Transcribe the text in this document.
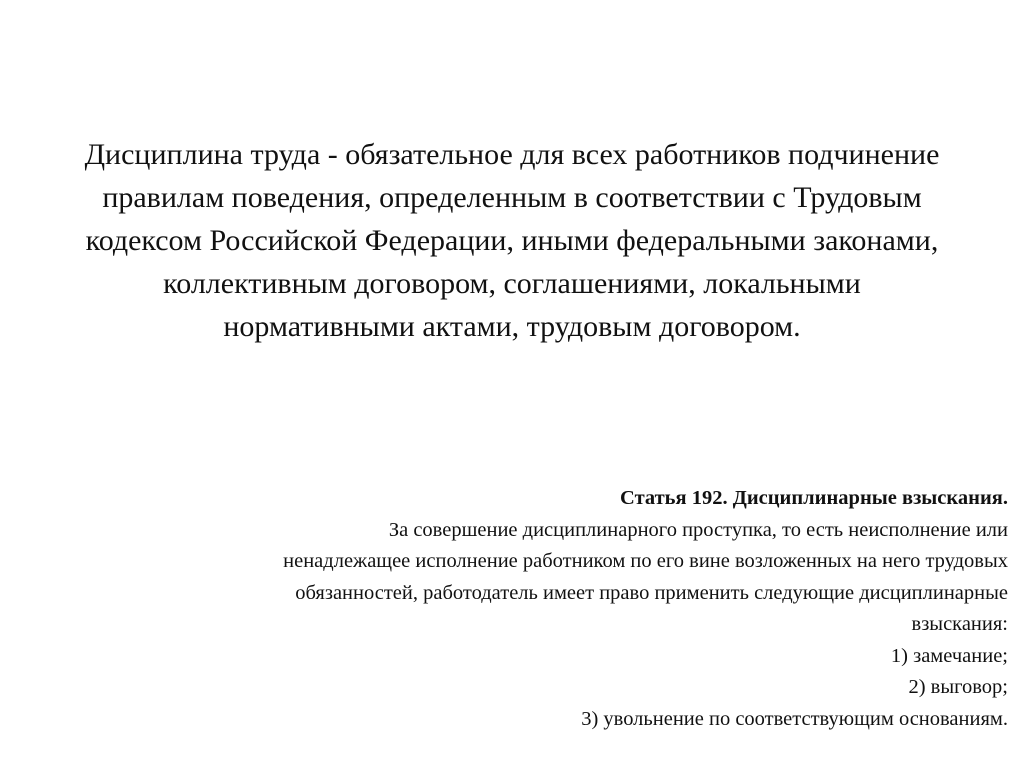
Дисциплина труда - обязательное для всех работников подчинение
правилам поведения, определенным в соответствии с Трудовым
кодексом Российской Федерации, иными федеральными законами,
коллективным договором, соглашениями, локальными
нормативными актами, трудовым договором.
Статья 192. Дисциплинарные взыскания.
За совершение дисциплинарного проступка, то есть неисполнение или
ненадлежащее исполнение работником по его вине возложенных на него трудовых
обязанностей, работодатель имеет право применить следующие дисциплинарные
взыскания:
1) замечание;
2) выговор;
3) увольнение по соответствующим основаниям.
